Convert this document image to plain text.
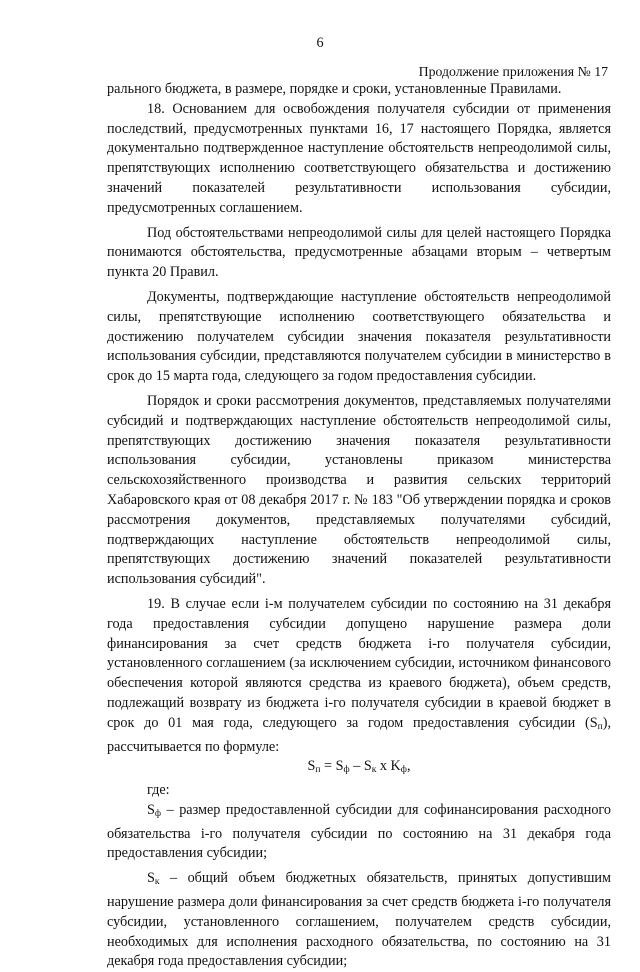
6
Продолжение приложения № 17

рального бюджета, в размере, порядке и сроки, установленные Правилами.

18. Основанием для освобождения получателя субсидии от применения последствий, предусмотренных пунктами 16, 17 настоящего Порядка, является документально подтвержденное наступление обстоятельств непреодолимой силы, препятствующих исполнению соответствующего обязательства и достижению значений показателей результативности использования субсидии, предусмотренных соглашением.

Под обстоятельствами непреодолимой силы для целей настоящего Порядка понимаются обстоятельства, предусмотренные абзацами вторым – четвертым пункта 20 Правил.

Документы, подтверждающие наступление обстоятельств непреодолимой силы, препятствующие исполнению соответствующего обязательства и достижению получателем субсидии значения показателя результативности использования субсидии, представляются получателем субсидии в министерство в срок до 15 марта года, следующего за годом предоставления субсидии.

Порядок и сроки рассмотрения документов, представляемых получателями субсидий и подтверждающих наступление обстоятельств непреодолимой силы, препятствующих достижению значения показателя результативности использования субсидии, установлены приказом министерства сельскохозяйственного производства и развития сельских территорий Хабаровского края от 08 декабря 2017 г. № 183 "Об утверждении порядка и сроков рассмотрения документов, представляемых получателями субсидий, подтверждающих наступление обстоятельств непреодолимой силы, препятствующих достижению значений показателей результативности использования субсидий".

19. В случае если i-м получателем субсидии по состоянию на 31 декабря года предоставления субсидии допущено нарушение размера доли финансирования за счет средств бюджета i-го получателя субсидии, установленного соглашением (за исключением субсидии, источником финансового обеспечения которой являются средства из краевого бюджета), объем средств, подлежащий возврату из бюджета i-го получателя субсидии в краевой бюджет в срок до 01 мая года, следующего за годом предоставления субсидии $(S_п)$, рассчитывается по формуле:

$S_п = S_ф - S_к$ x $K_ф$,

где:

$S_ф$ – размер предоставленной субсидии для софинансирования расходного обязательства i-го получателя субсидии по состоянию на 31 декабря года предоставления субсидии;

$S_к$ – общий объем бюджетных обязательств, принятых допустившим нарушение размера доли финансирования за счет средств бюджета i-го получателя субсидии, установленного соглашением, получателем средств субсидии, необходимых для исполнения расходного обязательства, по состоянию на 31 декабря года предоставления субсидии;
